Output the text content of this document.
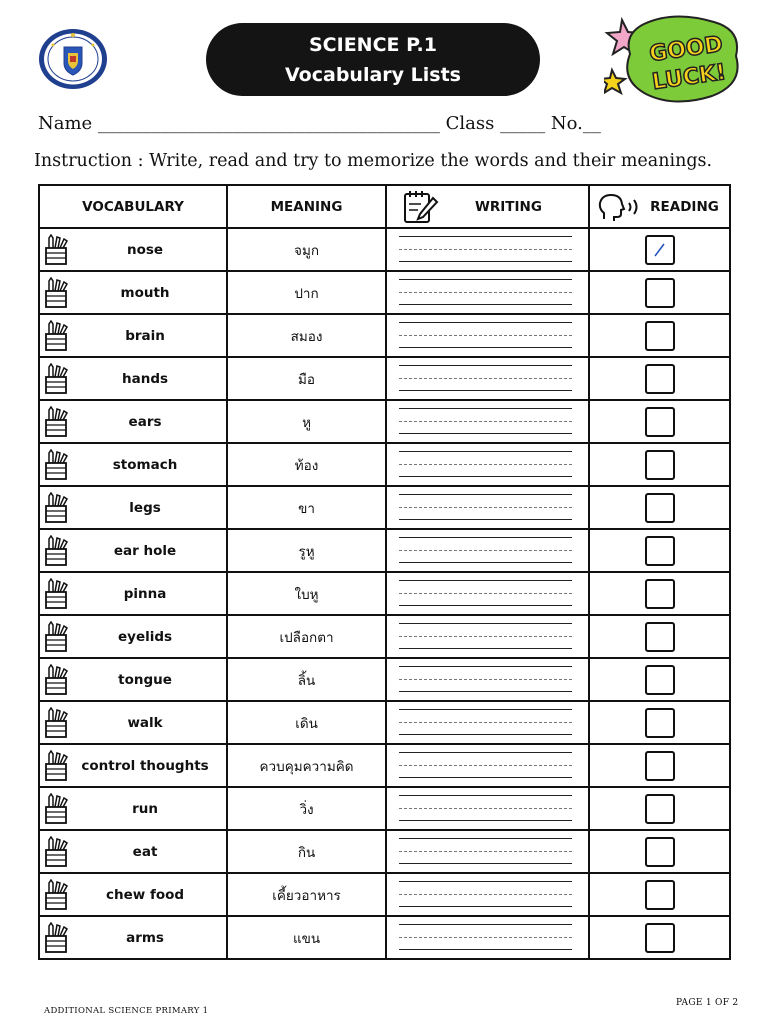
SCIENCE P.1
Vocabulary Lists
GOOD
LUCK!
Name ______________________________________ Class _____ No.__
Instruction : Write, read and try to memorize the words and their meanings.
VOCABULARY	MEANING	WRITING	READING

nose	จมูก	

mouth	ปาก	

brain	สมอง	

hands	มือ	

ears	หู	

stomach	ท้อง	

legs	ขา	

ear hole	รูหู	

pinna	ใบหู	

eyelids	เปลือกตา	

tongue	ลิ้น	

walk	เดิน	

control thoughts	ควบคุมความคิด	

run	วิ่ง	

eat	กิน	

chew food	เคี้ยวอาหาร	

arms	แขน	

ADDITIONAL SCIENCE PRIMARY 1
PAGE 1 OF 2
